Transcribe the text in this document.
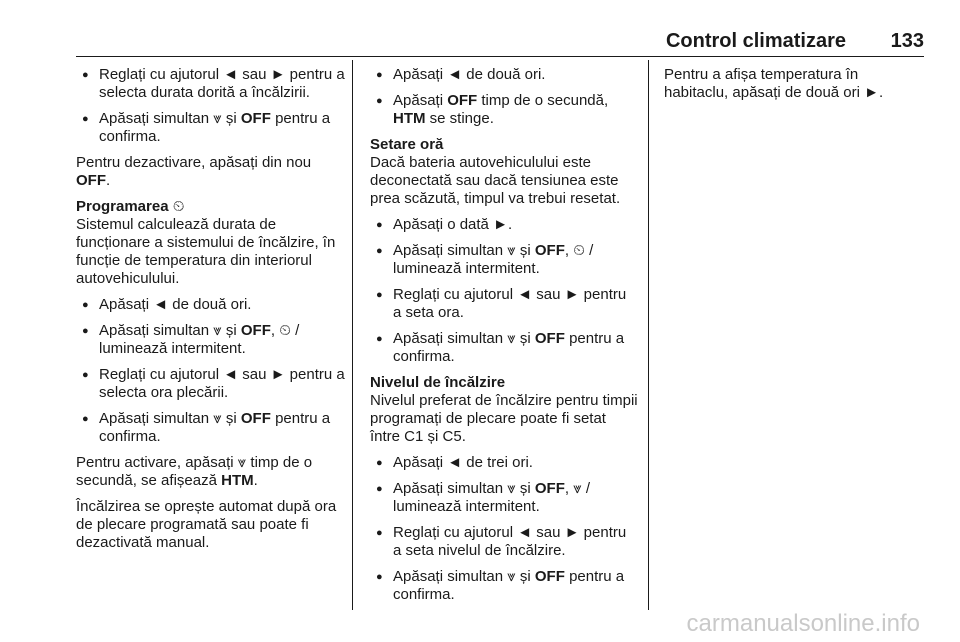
Control climatizare 133
● Reglați cu ajutorul ◄ sau ► pentru a selecta durata dorită a încălzirii.
● Apăsați simultan ⩔ și OFF pentru a confirma.

Pentru dezactivare, apăsați din nou OFF.

Programarea ⏲

Sistemul calculează durata de funcționare a sistemului de încălzire, în funcție de temperatura din interiorul autovehiculului.

● Apăsați ◄ de două ori.
● Apăsați simultan ⩔ și OFF, ⏲ / luminează intermitent.
● Reglați cu ajutorul ◄ sau ► pentru a selecta ora plecării.
● Apăsați simultan ⩔ și OFF pentru a confirma.

Pentru activare, apăsați ⩔ timp de o secundă, se afișează HTM.

Încălzirea se oprește automat după ora de plecare programată sau poate fi dezactivată manual.

● Apăsați ◄ de două ori.
● Apăsați OFF timp de o secundă, HTM se stinge.

Setare oră

Dacă bateria autovehiculului este deconectată sau dacă tensiunea este prea scăzută, timpul va trebui resetat.

● Apăsați o dată ►.
● Apăsați simultan ⩔ și OFF, ⏲ / luminează intermitent.
● Reglați cu ajutorul ◄ sau ► pentru a seta ora.
● Apăsați simultan ⩔ și OFF pentru a confirma.

Nivelul de încălzire

Nivelul preferat de încălzire pentru timpii programați de plecare poate fi setat între C1 și C5.

● Apăsați ◄ de trei ori.
● Apăsați simultan ⩔ și OFF, ⩔ / luminează intermitent.
● Reglați cu ajutorul ◄ sau ► pentru a seta nivelul de încălzire.
● Apăsați simultan ⩔ și OFF pentru a confirma.

Pentru a afișa temperatura în habitaclu, apăsați de două ori ►.

carmanualsonline.info
